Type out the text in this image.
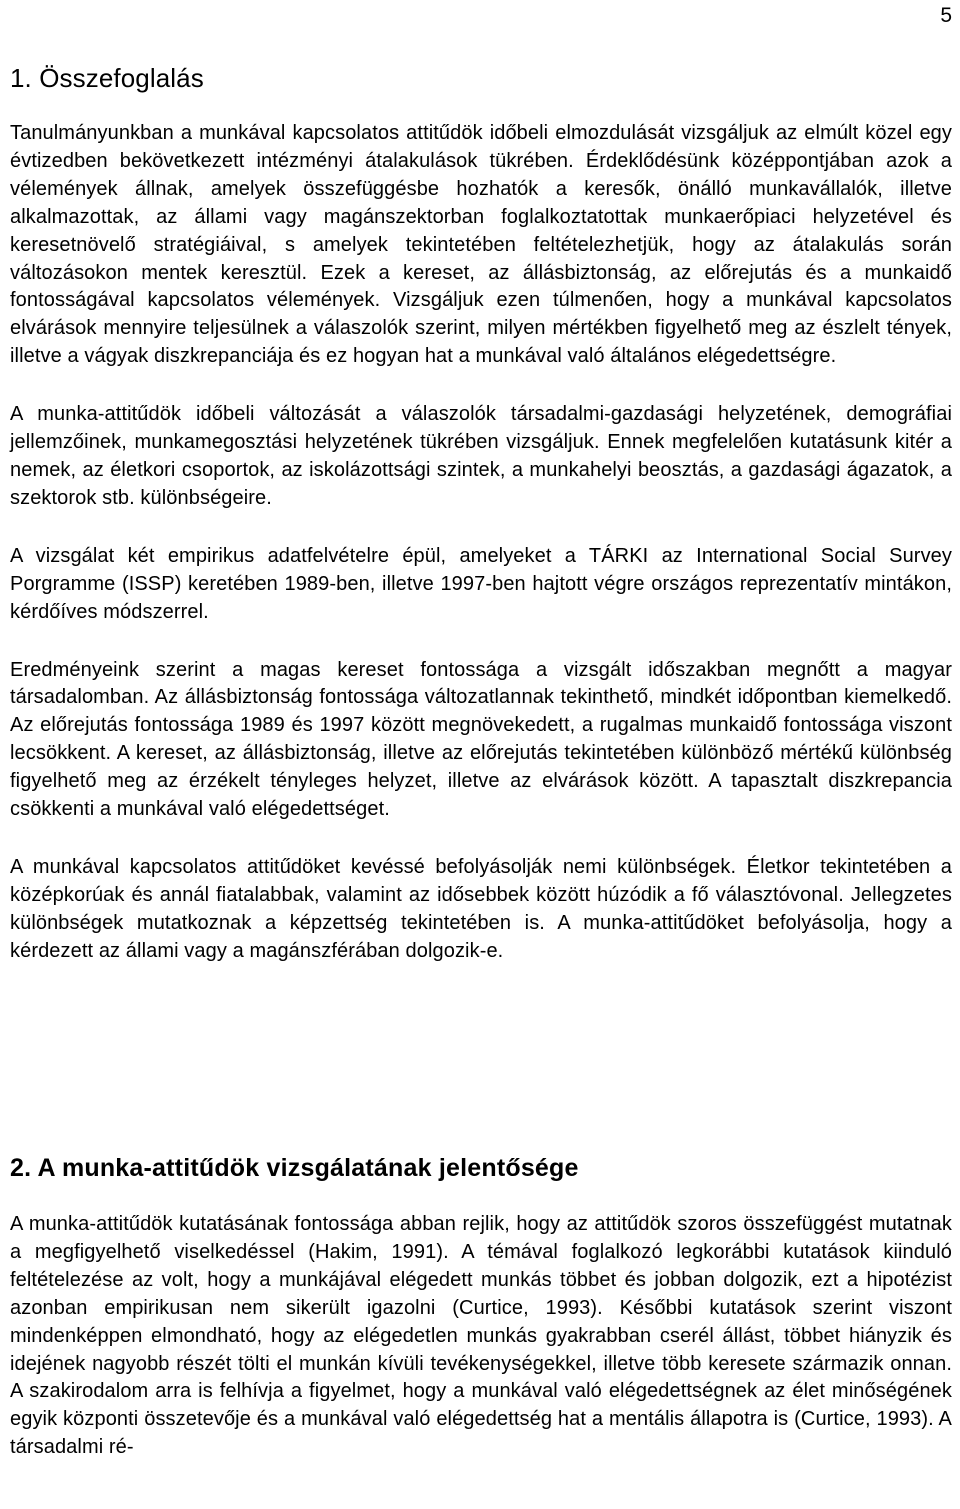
5
1. Összefoglalás

Tanulmányunkban a munkával kapcsolatos attitűdök időbeli elmozdulását vizsgáljuk az elmúlt közel egy évtizedben bekövetkezett intézményi átalakulások tükrében. Érdeklődésünk középpontjában azok a vélemények állnak, amelyek összefüggésbe hozhatók a keresők, önálló munkavállalók, illetve alkalmazottak, az állami vagy magánszektorban foglalkoztatottak munkaerőpiaci helyzetével és keresetnövelő stratégiáival, s amelyek tekintetében feltételezhetjük, hogy az átalakulás során változásokon mentek keresztül. Ezek a kereset, az állásbiztonság, az előrejutás és a munkaidő fontosságával kapcsolatos vélemények. Vizsgáljuk ezen túlmenően, hogy a munkával kapcsolatos elvárások mennyire teljesülnek a válaszolók szerint, milyen mértékben figyelhető meg az észlelt tények, illetve a vágyak diszkrepanciája és ez hogyan hat a munkával való általános elégedettségre.

A munka-attitűdök időbeli változását a válaszolók társadalmi-gazdasági helyzetének, demográfiai jellemzőinek, munkamegosztási helyzetének tükrében vizsgáljuk. Ennek megfelelően kutatásunk kitér a nemek, az életkori csoportok, az iskolázottsági szintek, a munkahelyi beosztás, a gazdasági ágazatok, a szektorok stb. különbségeire.

A vizsgálat két empirikus adatfelvételre épül, amelyeket a TÁRKI az International Social Survey Porgramme (ISSP) keretében 1989-ben, illetve 1997-ben hajtott végre országos reprezentatív mintákon, kérdőíves módszerrel.

Eredményeink szerint a magas kereset fontossága a vizsgált időszakban megnőtt a magyar társadalomban. Az állásbiztonság fontossága változatlannak tekinthető, mindkét időpontban kiemelkedő. Az előrejutás fontossága 1989 és 1997 között megnövekedett, a rugalmas munkaidő fontossága viszont lecsökkent. A kereset, az állásbiztonság, illetve az előrejutás tekintetében különböző mértékű különbség figyelhető meg az érzékelt tényleges helyzet, illetve az elvárások között. A tapasztalt diszkrepancia csökkenti a munkával való elégedettséget.

A munkával kapcsolatos attitűdöket kevéssé befolyásolják nemi különbségek. Életkor tekintetében a középkorúak és annál fiatalabbak, valamint az idősebbek között húzódik a fő választóvonal. Jellegzetes különbségek mutatkoznak a képzettség tekintetében is. A munka-attitűdöket befolyásolja, hogy a kérdezett az állami vagy a magánszférában dolgozik-e.

2. A munka-attitűdök vizsgálatának jelentősége

A munka-attitűdök kutatásának fontossága abban rejlik, hogy az attitűdök szoros összefüggést mutatnak a megfigyelhető viselkedéssel (Hakim, 1991). A témával foglalkozó legkorábbi kutatások kiinduló feltételezése az volt, hogy a munkájával elégedett munkás többet és jobban dolgozik, ezt a hipotézist azonban empirikusan nem sikerült igazolni (Curtice, 1993). Későbbi kutatások szerint viszont mindenképpen elmondható, hogy az elégedetlen munkás gyakrabban cserél állást, többet hiányzik és idejének nagyobb részét tölti el munkán kívüli tevékenységekkel, illetve több keresete származik onnan. A szakirodalom arra is felhívja a figyelmet, hogy a munkával való elégedettségnek az élet minőségének egyik központi összetevője és a munkával való elégedettség hat a mentális állapotra is (Curtice, 1993). A társadalmi ré-
